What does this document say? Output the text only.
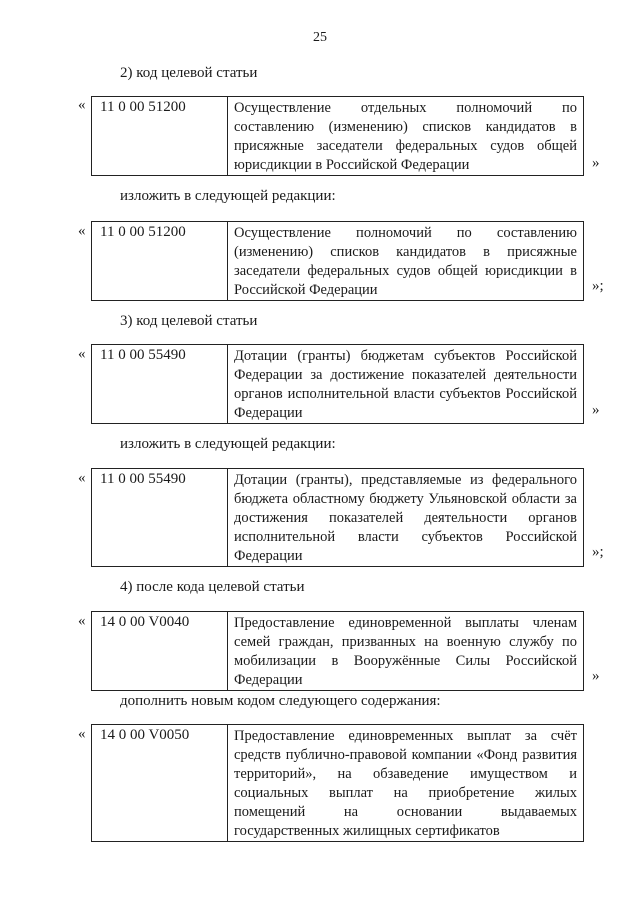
25
2) код целевой статьи
« 11 0 00 51200	Осуществление отдельных полномочий по составлению (изменению) списков кандидатов в присяжные заседатели федеральных судов общей юрисдикции в Российской Федерации	»
изложить в следующей редакции:
« 11 0 00 51200	Осуществление полномочий по составлению (изменению) списков кандидатов в присяжные заседатели федеральных судов общей юрисдикции в Российской Федерации	»;
3) код целевой статьи
« 11 0 00 55490	Дотации (гранты) бюджетам субъектов Российской Федерации за достижение показателей деятельности органов исполнительной власти субъектов Российской Федерации	»
изложить в следующей редакции:
« 11 0 00 55490	Дотации (гранты), представляемые из федерального бюджета областному бюджету Ульяновской области за достижения показателей деятельности органов исполнительной власти субъектов Российской Федерации	»;
4) после кода целевой статьи
« 14 0 00 V0040	Предоставление единовременной выплаты членам семей граждан, призванных на военную службу по мобилизации в Вооружённые Силы Российской Федерации	»
дополнить новым кодом следующего содержания:
« 14 0 00 V0050	Предоставление единовременных выплат за счёт средств публично-правовой компании «Фонд развития территорий», на обзаведение имуществом и социальных выплат на приобретение жилых помещений на основании выдаваемых государственных жилищных сертификатов
